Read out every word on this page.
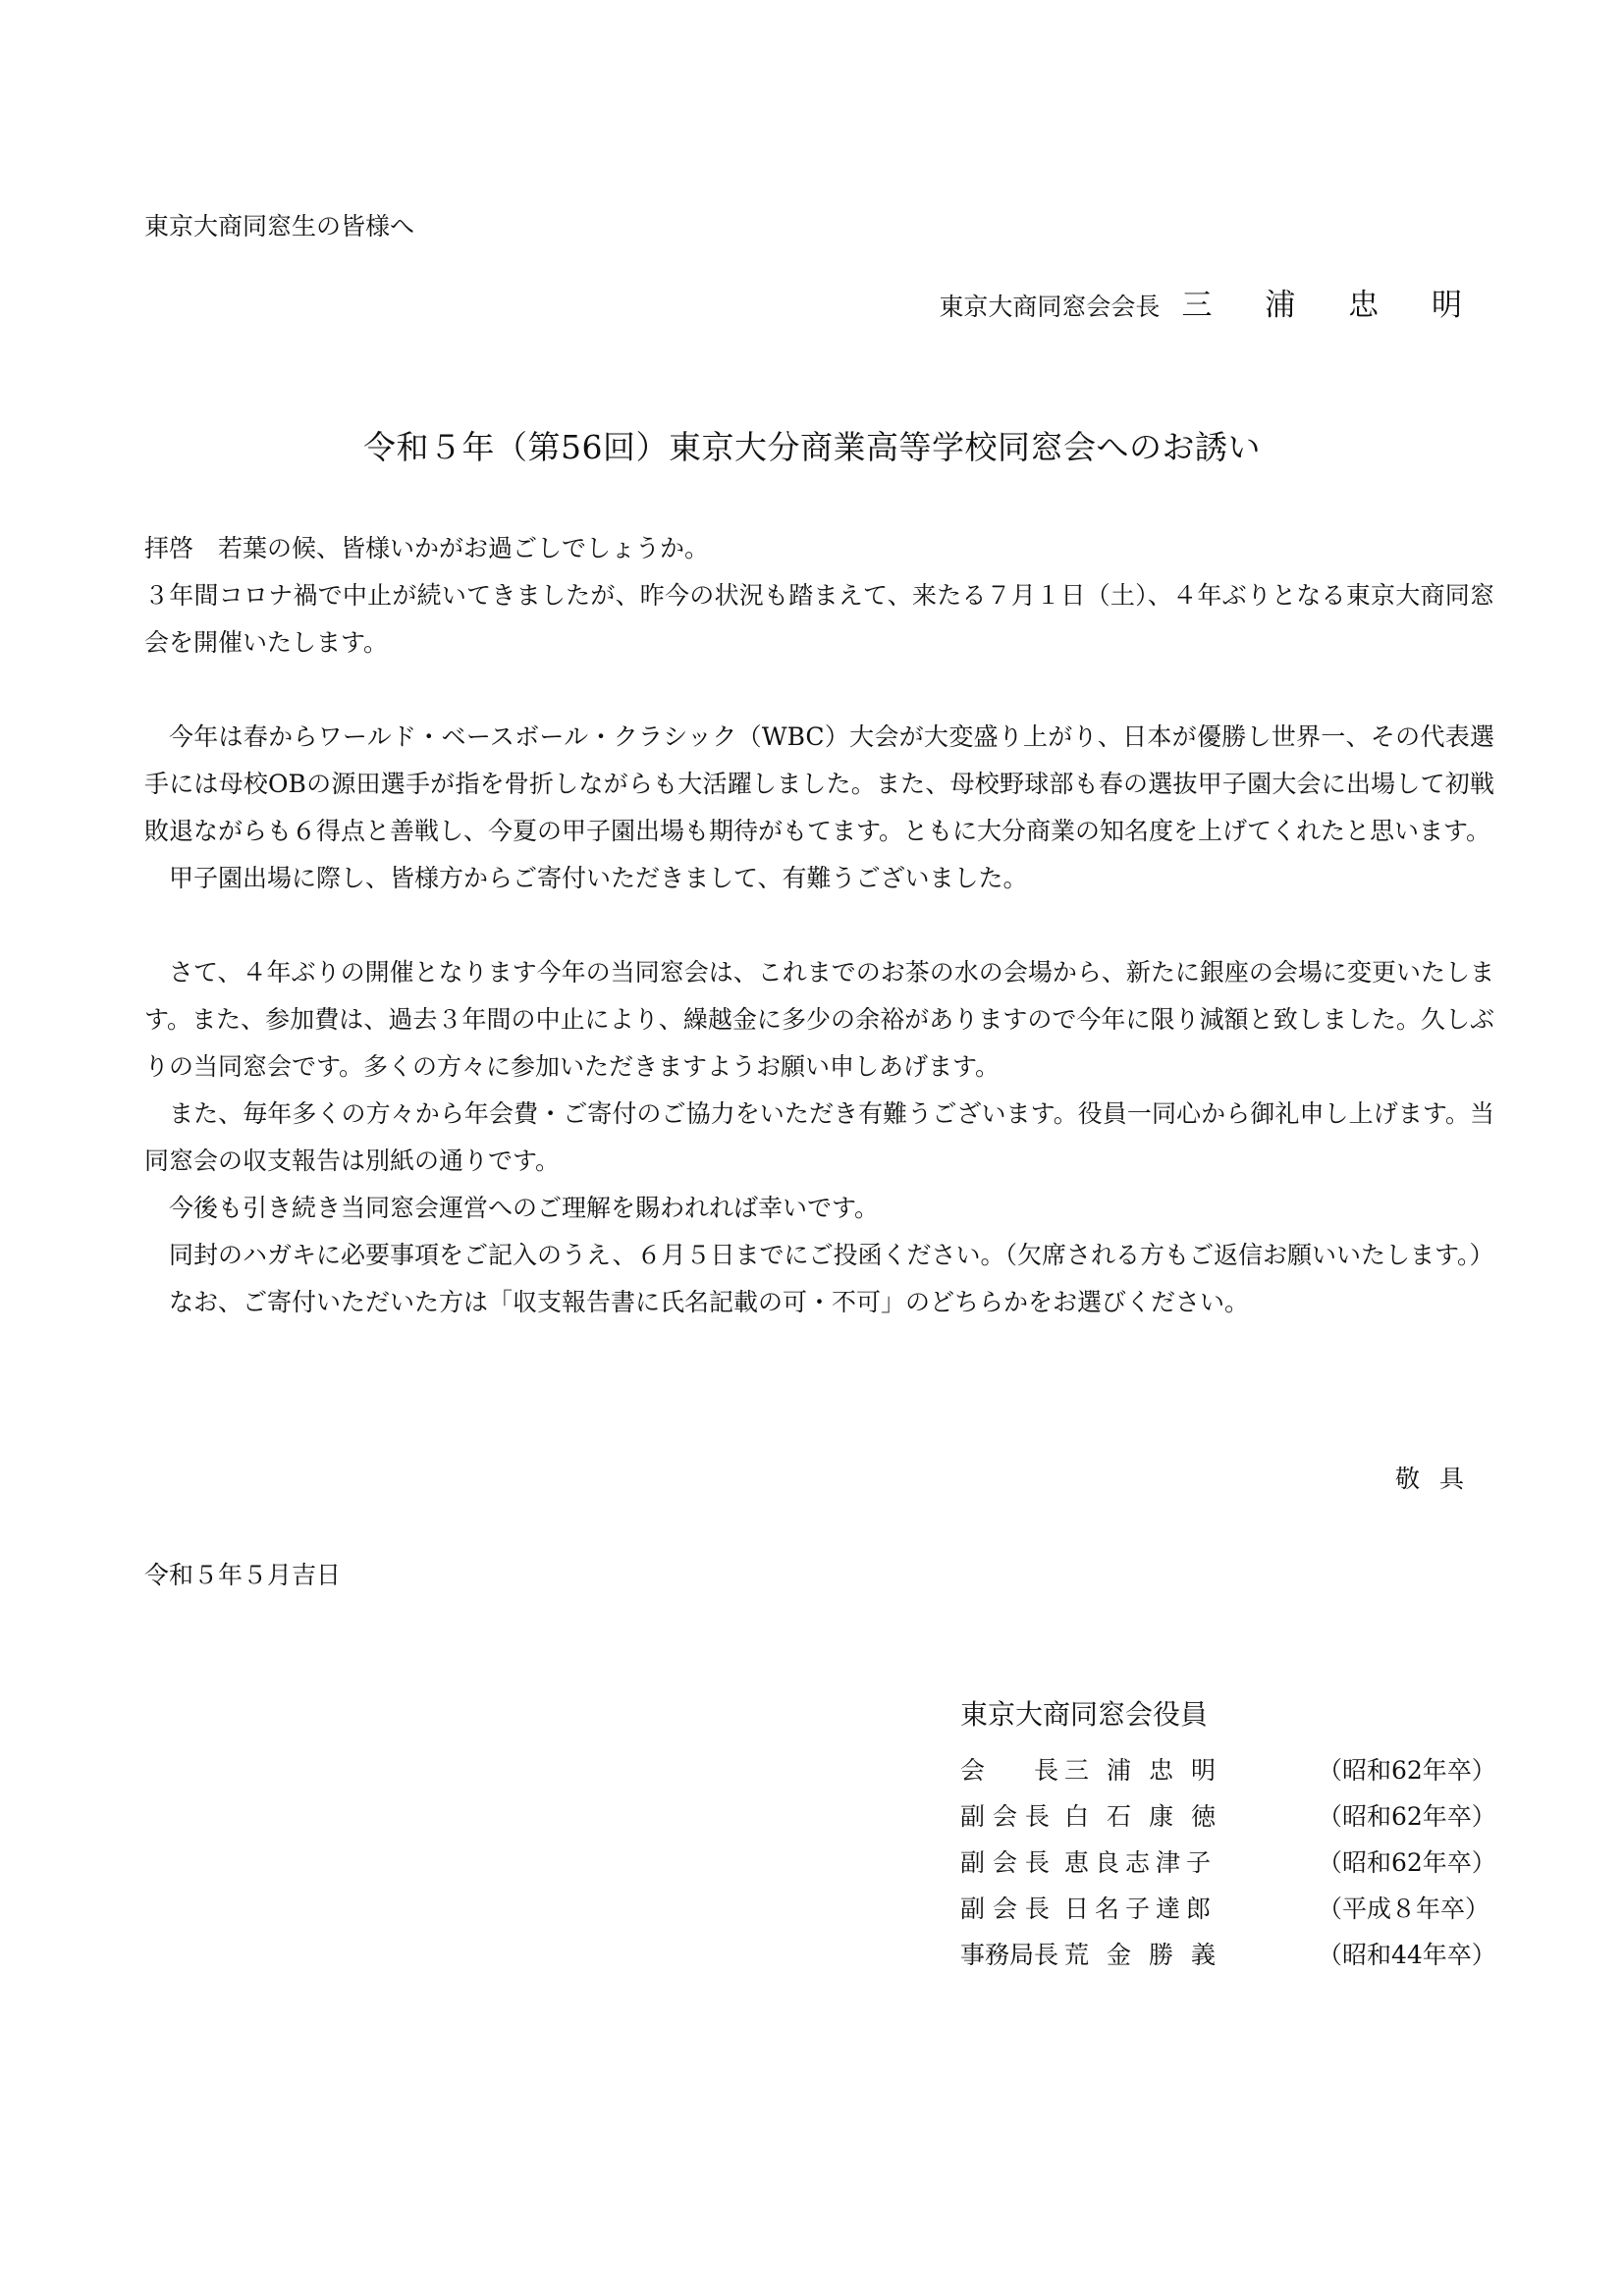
東京大商同窓生の皆様へ
東京大商同窓会会長 三 浦 忠 明
令和５年（第56回）東京大分商業高等学校同窓会へのお誘い

拝啓　若葉の候、皆様いかがお過ごしでしょうか。

３年間コロナ禍で中止が続いてきましたが、昨今の状況も踏まえて、来たる７月１日（土）、４年ぶりとなる東京大商同窓会を開催いたします。

今年は春からワールド・ベースボール・クラシック（WBC）大会が大変盛り上がり、日本が優勝し世界一、その代表選手には母校OBの源田選手が指を骨折しながらも大活躍しました。また、母校野球部も春の選抜甲子園大会に出場して初戦敗退ながらも６得点と善戦し、今夏の甲子園出場も期待がもてます。ともに大分商業の知名度を上げてくれたと思います。

甲子園出場に際し、皆様方からご寄付いただきまして、有難うございました。

さて、４年ぶりの開催となります今年の当同窓会は、これまでのお茶の水の会場から、新たに銀座の会場に変更いたします。また、参加費は、過去３年間の中止により、繰越金に多少の余裕がありますので今年に限り減額と致しました。久しぶりの当同窓会です。多くの方々に参加いただきますようお願い申しあげます。

また、毎年多くの方々から年会費・ご寄付のご協力をいただき有難うございます。役員一同心から御礼申し上げます。当同窓会の収支報告は別紙の通りです。

今後も引き続き当同窓会運営へのご理解を賜われれば幸いです。

同封のハガキに必要事項をご記入のうえ、６月５日までにご投函ください。（欠席される方もご返信お願いいたします。）

なお、ご寄付いただいた方は「収支報告書に氏名記載の可・不可」のどちらかをお選びください。

敬具
令和５年５月吉日
東京大商同窓会役員
会　　長	三浦忠明	（昭和62年卒）
副 会 長	白石康徳	（昭和62年卒）
副 会 長	恵良志津子	（昭和62年卒）
副 会 長	日名子達郎	（平成８年卒）
事務局長	荒金勝義	（昭和44年卒）
